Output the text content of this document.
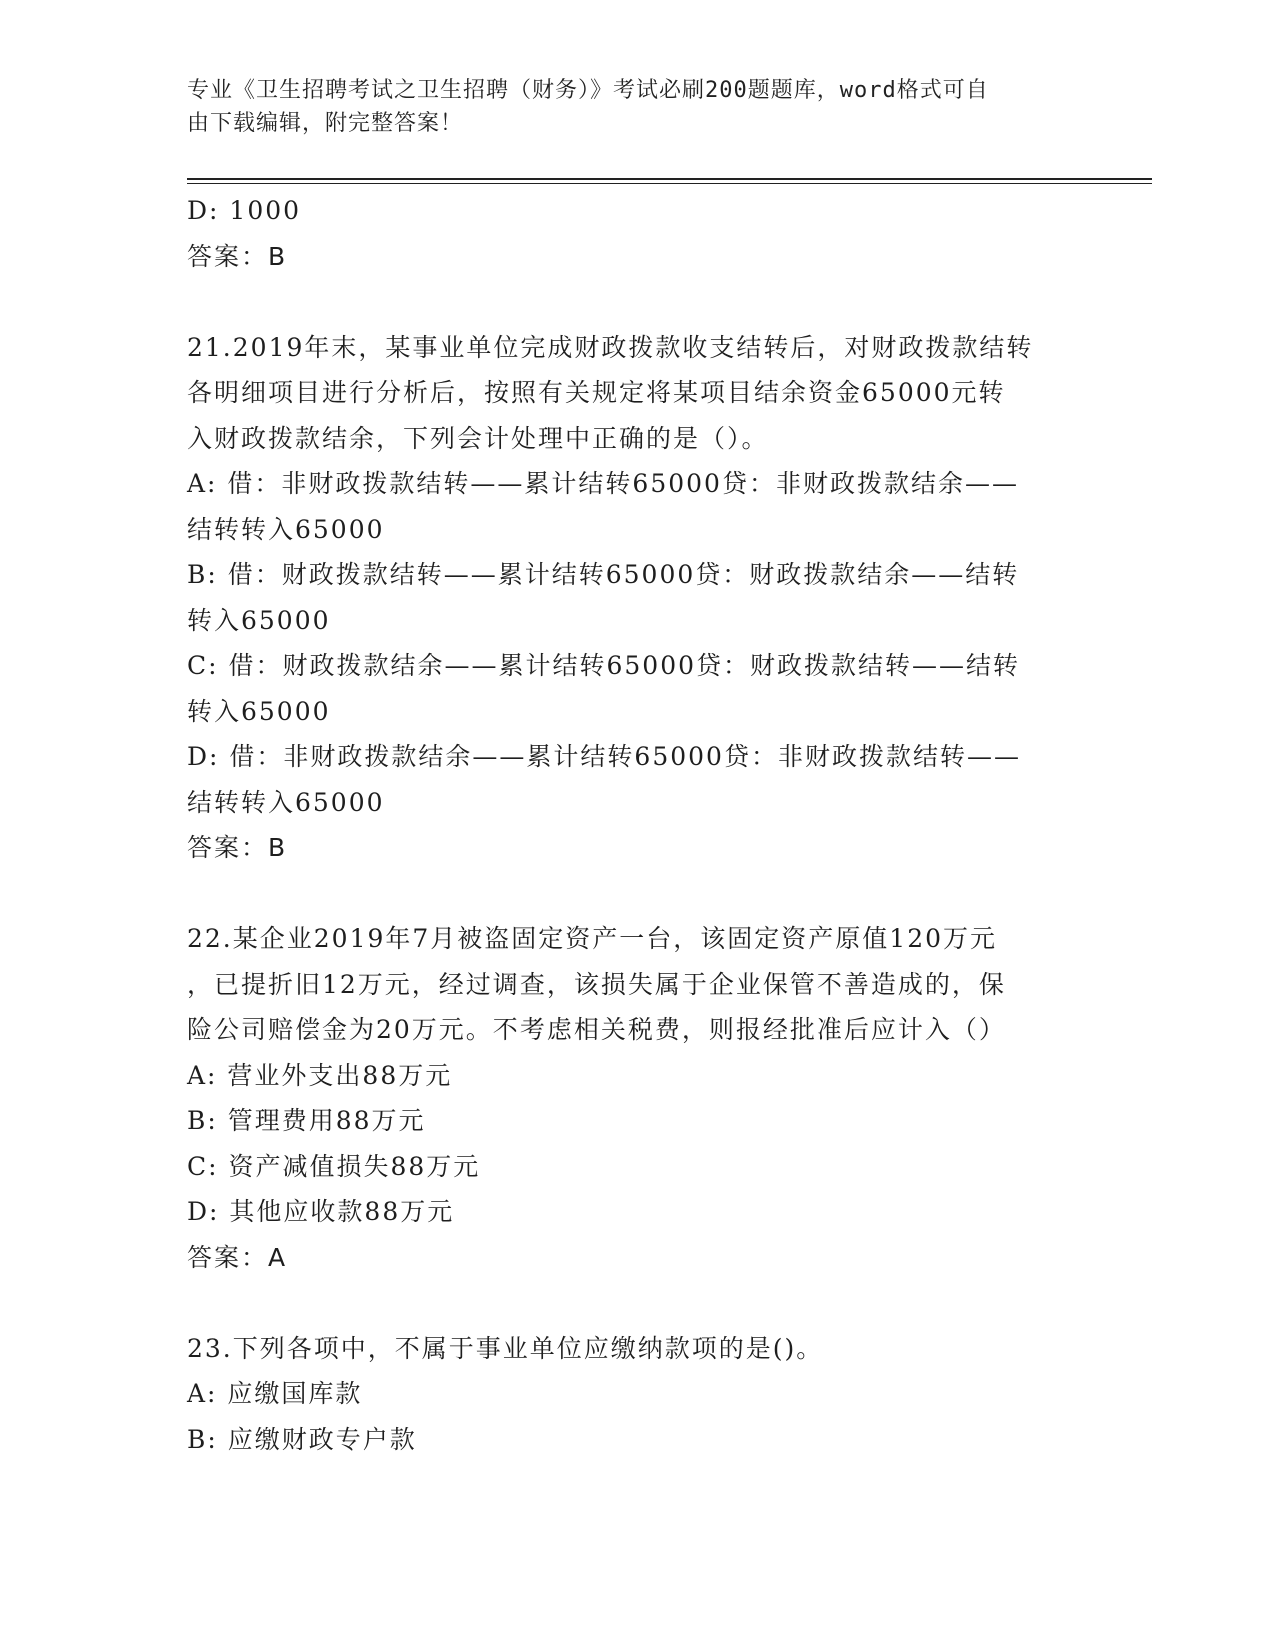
专业《卫生招聘考试之卫生招聘（财务）》考试必刷200题题库，word格式可自
由下载编辑，附完整答案！
D: 1000
答案：B
21.2019年末，某事业单位完成财政拨款收支结转后，对财政拨款结转
各明细项目进行分析后，按照有关规定将某项目结余资金65000元转
入财政拨款结余，下列会计处理中正确的是（）。
A: 借：非财政拨款结转——累计结转65000贷：非财政拨款结余——
结转转入65000
B: 借：财政拨款结转——累计结转65000贷：财政拨款结余——结转
转入65000
C: 借：财政拨款结余——累计结转65000贷：财政拨款结转——结转
转入65000
D: 借：非财政拨款结余——累计结转65000贷：非财政拨款结转——
结转转入65000
答案：B
22.某企业2019年7月被盗固定资产一台，该固定资产原值120万元
，已提折旧12万元，经过调查，该损失属于企业保管不善造成的，保
险公司赔偿金为20万元。不考虑相关税费，则报经批准后应计入（）
A: 营业外支出88万元
B: 管理费用88万元
C: 资产减值损失88万元
D: 其他应收款88万元
答案：A
23.下列各项中，不属于事业单位应缴纳款项的是()。
A: 应缴国库款
B: 应缴财政专户款
